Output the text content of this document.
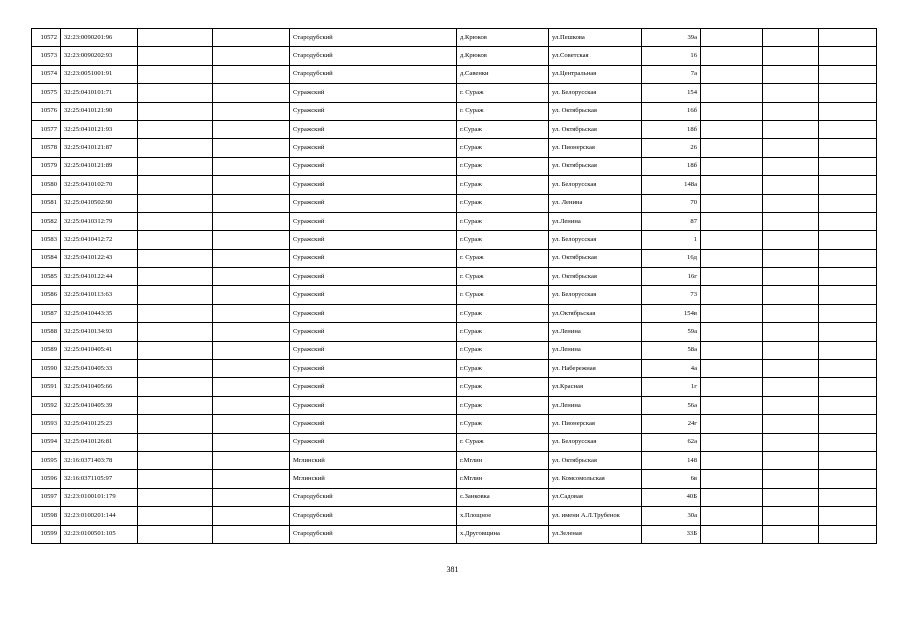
10572	32:23:0090201:96			Стародубский	д.Крюков	ул.Пешкова	39а			
10573	32:23:0090202:93			Стародубский	д.Крюков	ул.Советская	16			
10574	32:23:0051001:91			Стародубский	д.Савенки	ул.Центральная	7а			
10575	32:25:0410101:71			Суражский	г. Сураж	ул. Белорусская	154			
10576	32:25:0410121:90			Суражский	г. Сураж	ул. Октябрьская	16б			
10577	32:25:0410121:93			Суражский	г.Сураж	ул. Октябрьская	18б			
10578	32:25:0410121:87			Суражский	г.Сураж	ул. Пионерская	26			
10579	32:25:0410121:89			Суражский	г.Сураж	ул. Октябрьская	18б			
10580	32:25:0410102:70			Суражский	г.Сураж	ул. Белорусская	148а			
10581	32:25:0410502:90			Суражский	г.Сураж	ул. Ленина	70			
10582	32:25:0410312:79			Суражский	г.Сураж	ул.Ленина	87			
10583	32:25:0410412:72			Суражский	г.Сураж	ул. Белорусская	1			
10584	32:25:0410122:43			Суражский	г. Сураж	ул. Октябрьская	16д			
10585	32:25:0410122:44			Суражский	г. Сураж	ул. Октябрьская	16г			
10586	32:25:0410113:63			Суражский	г. Сураж	ул. Белорусская	73			
10587	32:25:0410443:35			Суражский	г.Сураж	ул.Октябрьская	154в			
10588	32:25:0410134:93			Суражский	г.Сураж	ул.Ленина	59а			
10589	32:25:0410405:41			Суражский	г.Сураж	ул.Ленина	58а			
10590	32:25:0410405:33			Суражский	г.Сураж	ул. Набережная	4а			
10591	32:25:0410405:66			Суражский	г.Сураж	ул.Красная	1г			
10592	32:25:0410405:39			Суражский	г.Сураж	ул.Ленина	56а			
10593	32:25:0410125:23			Суражский	г.Сураж	ул. Пионерская	24г			
10594	32:25:0410126:81			Суражский	г. Сураж	ул. Белорусская	62а			
10595	32:16:0371403:78			Мглинский	г.Мглин	ул. Октябрьская	148			
10596	32:16:0371105:97			Мглинский	г.Мглин	ул. Комсомольская	6в			
10597	32:23:0100101:179			Стародубский	с.Занковка	ул.Садовая	40Б			
10598	32:23:0100201:144			Стародубский	х.Площное	ул. имени А.Л.Трубенок	30а			
10599	32:23:0100501:105			Стародубский	х.Друговщина	ул.Зеленая	33Б			
381
